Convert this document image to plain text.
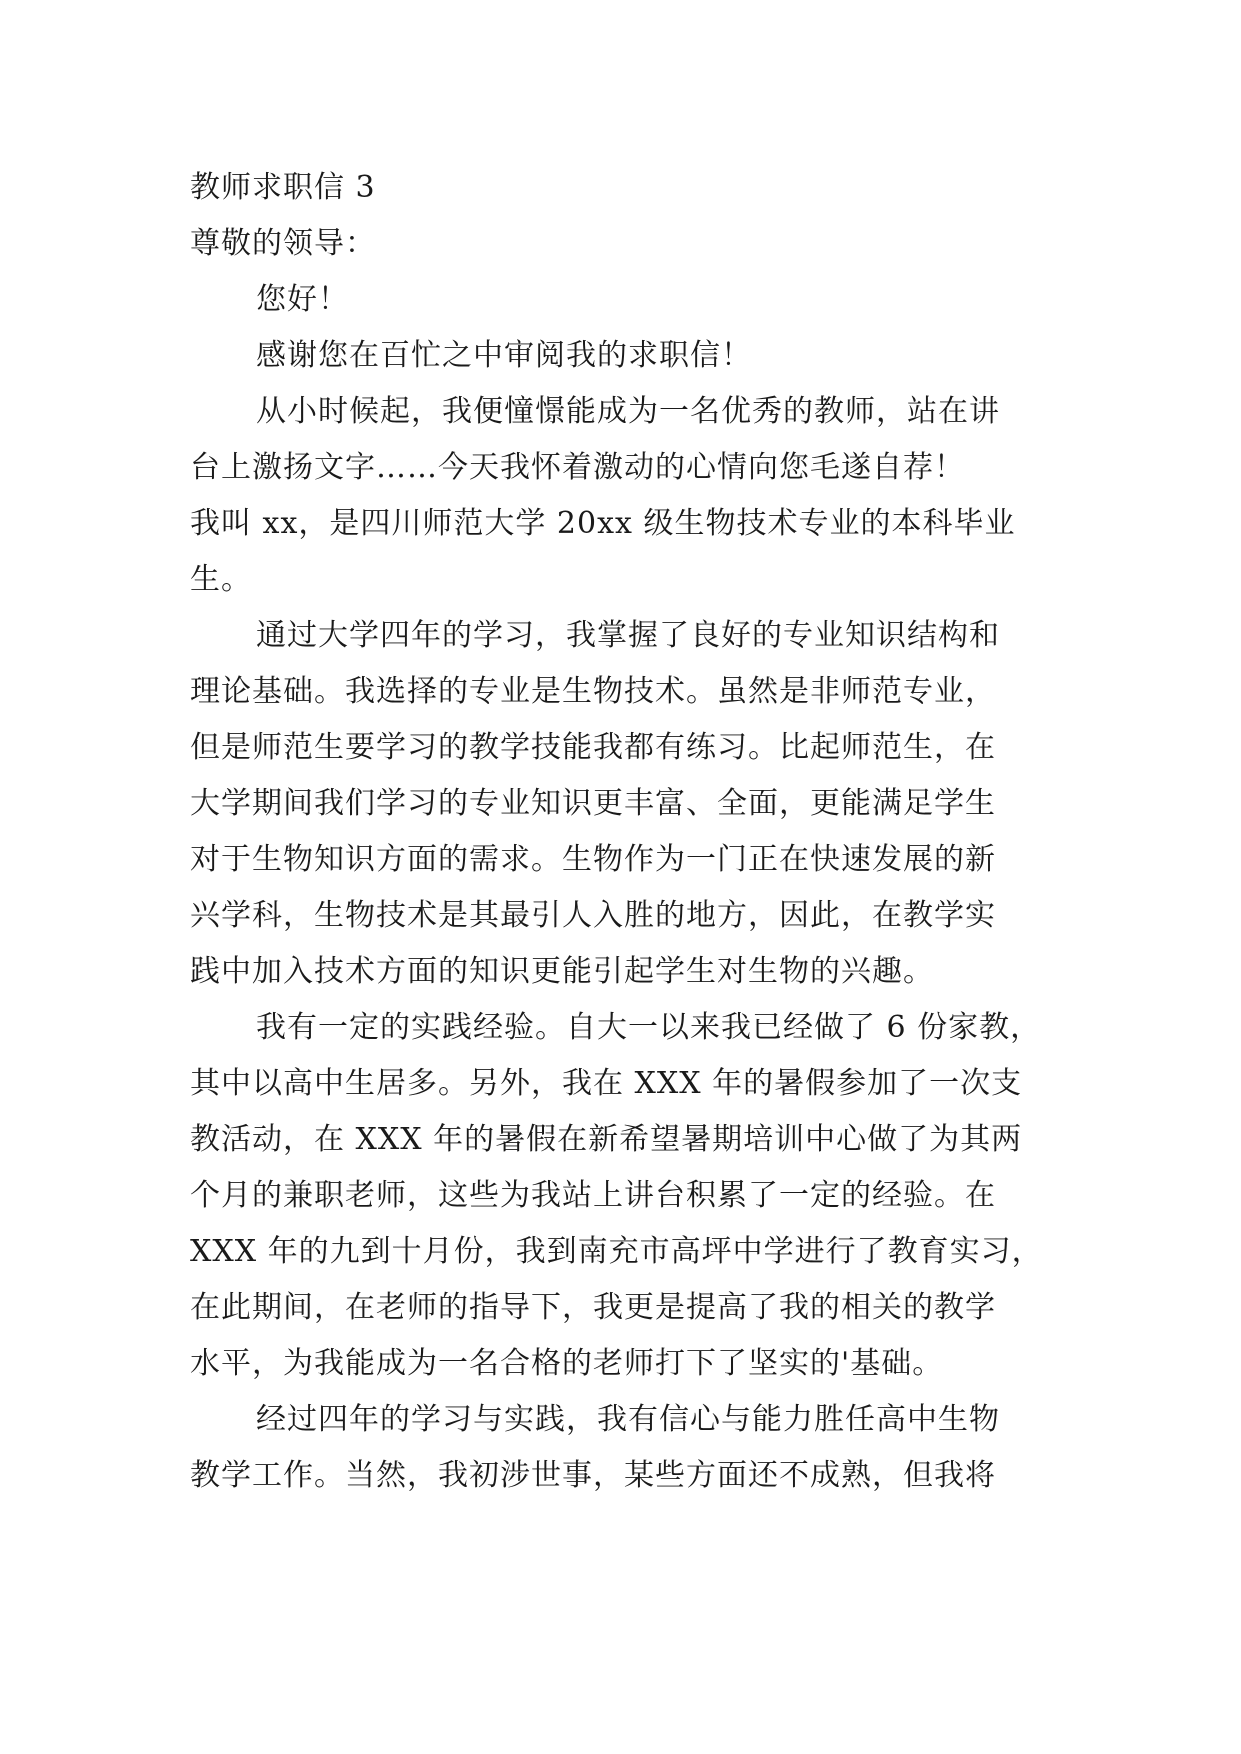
教师求职信 3

尊敬的领导：

您好！

感谢您在百忙之中审阅我的求职信！

从小时候起，我便憧憬能成为一名优秀的教师，站在讲
台上激扬文字……今天我怀着激动的心情向您毛遂自荐！
我叫 xx，是四川师范大学 20xx 级生物技术专业的本科毕业
生。

通过大学四年的学习，我掌握了良好的专业知识结构和
理论基础。我选择的专业是生物技术。虽然是非师范专业，
但是师范生要学习的教学技能我都有练习。比起师范生，在
大学期间我们学习的专业知识更丰富、全面，更能满足学生
对于生物知识方面的需求。生物作为一门正在快速发展的新
兴学科，生物技术是其最引人入胜的地方，因此，在教学实
践中加入技术方面的知识更能引起学生对生物的兴趣。

我有一定的实践经验。自大一以来我已经做了 6 份家教，
其中以高中生居多。另外，我在 XXX 年的暑假参加了一次支
教活动，在 XXX 年的暑假在新希望暑期培训中心做了为其两
个月的兼职老师，这些为我站上讲台积累了一定的经验。在
XXX 年的九到十月份，我到南充市高坪中学进行了教育实习，
在此期间，在老师的指导下，我更是提高了我的相关的教学
水平，为我能成为一名合格的老师打下了坚实的'基础。

经过四年的学习与实践，我有信心与能力胜任高中生物
教学工作。当然，我初涉世事，某些方面还不成熟，但我将
